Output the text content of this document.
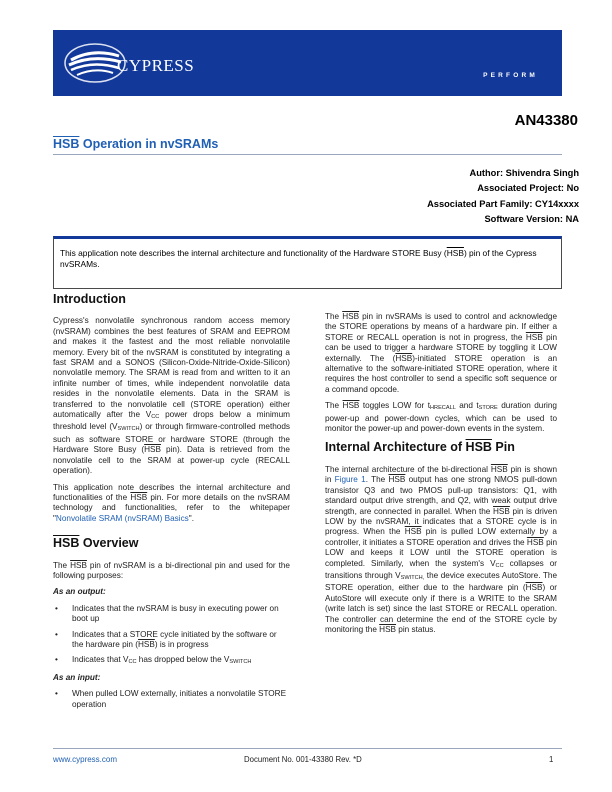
CYPRESS
PERFORM
AN43380
$\overline{HSB}$ Operation in nvSRAMs
Author: Shivendra Singh
Associated Project: No
Associated Part Family: CY14xxxx
Software Version: NA
This application note describes the internal architecture and functionality of the Hardware STORE Busy $(\overline{HSB})$ pin of the Cypress nvSRAMs.
Introduction

Cypress's nonvolatile synchronous random access memory (nvSRAM) combines the best features of SRAM and EEPROM and makes it the fastest and the most reliable nonvolatile memory. Every bit of the nvSRAM is constituted by integrating a fast SRAM and a SONOS (Silicon-Oxide-Nitride-Oxide-Silicon) nonvolatile memory. The SRAM is read from and written to it an infinite number of times, while independent nonvolatile data resides in the nonvolatile elements. Data in the SRAM is transferred to the nonvolatile cell (STORE operation) either automatically after the VCC power drops below a minimum threshold level (VSWITCH) or through firmware-controlled methods such as software STORE or hardware STORE (through the Hardware Store Busy ($\overline{HSB}$ pin). Data is retrieved from the nonvolatile cell to the SRAM at power-up cycle (RECALL operation).

This application note describes the internal architecture and functionalities of the $\overline{HSB}$ pin. For more details on the nvSRAM technology and functionalities, refer to the whitepaper "Nonvolatile SRAM (nvSRAM) Basics".

HSB Overview

The $\overline{HSB}$ pin of nvSRAM is a bi-directional pin and used for the following purposes:

As an output:
• Indicates that the nvSRAM is busy in executing power on boot up
• Indicates that a STORE cycle initiated by the software or the hardware pin $(\overline{HSB})$ is in progress
• Indicates that VCC has dropped below the VSWITCH
As an input:
• When pulled LOW externally, initiates a nonvolatile STORE operation

The $\overline{HSB}$ pin in nvSRAMs is used to control and acknowledge the STORE operations by means of a hardware pin. If either a STORE or RECALL operation is not in progress, the $\overline{HSB}$ pin can be used to trigger a hardware STORE by toggling it LOW externally. The $(\overline{HSB})$-initiated STORE operation is an alternative to the software-initiated STORE operation, where it requires the host controller to send a specific soft sequence or a command opcode.

The $\overline{HSB}$ toggles LOW for tHRECALL and tSTORE duration during power-up and power-down cycles, which can be used to monitor the power-up and power-down events in the system.

Internal Architecture of HSB Pin

The internal architecture of the bi-directional $\overline{HSB}$ pin is shown in Figure 1. The $\overline{HSB}$ output has one strong NMOS pull-down transistor Q3 and two PMOS pull-up transistors: Q1, with standard output drive strength, and Q2, with weak output drive strength, are connected in parallel. When the $\overline{HSB}$ pin is driven LOW by the nvSRAM, it indicates that a STORE cycle is in progress. When the $\overline{HSB}$ pin is pulled LOW externally by a controller, it initiates a STORE operation and drives the $\overline{HSB}$ pin LOW and keeps it LOW until the STORE operation is completed. Similarly, when the system's VCC collapses or transitions through VSWITCH, the device executes AutoStore. The STORE operation, either due to the hardware pin $(\overline{HSB})$ or AutoStore will execute only if there is a WRITE to the SRAM (write latch is set) since the last STORE or RECALL operation. The controller can determine the end of the STORE cycle by monitoring the $\overline{HSB}$ pin status.

www.cypress.com	Document No. 001-43380 Rev. *D	1
